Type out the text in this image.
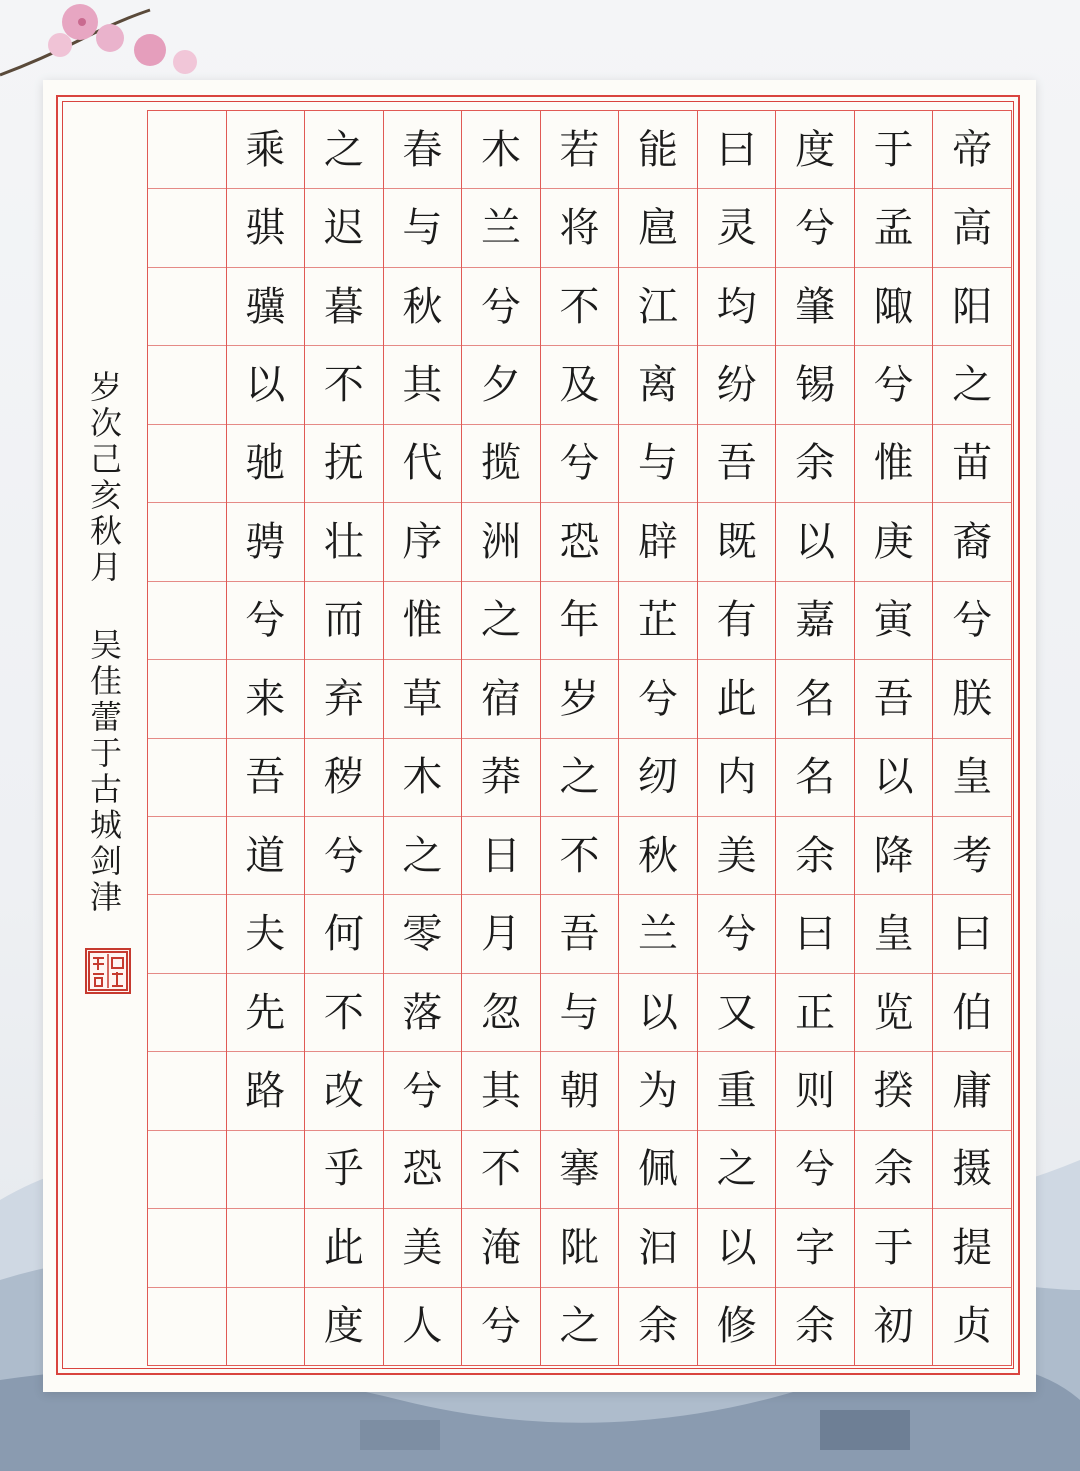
帝
高
阳
之
苗
裔
兮
朕
皇
考
曰
伯
庸
摄
提
贞
于
孟
陬
兮
惟
庚
寅
吾
以
降
皇
览
揆
余
于
初
度
兮
肇
锡
余
以
嘉
名
名
余
曰
正
则
兮
字
余
曰
灵
均
纷
吾
既
有
此
内
美
兮
又
重
之
以
修
能
扈
江
离
与
辟
芷
兮
纫
秋
兰
以
为
佩
汩
余
若
将
不
及
兮
恐
年
岁
之
不
吾
与
朝
搴
阰
之
木
兰
兮
夕
揽
洲
之
宿
莽
日
月
忽
其
不
淹
兮
春
与
秋
其
代
序
惟
草
木
之
零
落
兮
恐
美
人
之
迟
暮
不
抚
壮
而
弃
秽
兮
何
不
改
乎
此
度
乘
骐
骥
以
驰
骋
兮
来
吾
道
夫
先
路
岁次己亥秋月 吴佳蕾于古城剑津
